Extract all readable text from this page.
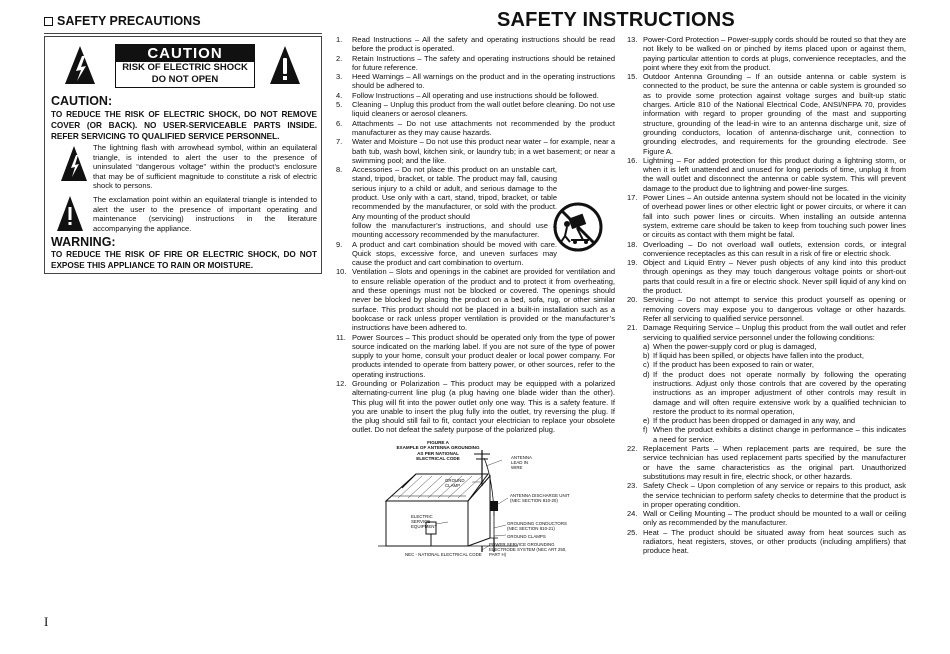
SAFETY PRECAUTIONS
CAUTION
RISK OF ELECTRIC SHOCK
DO NOT OPEN
CAUTION:
TO REDUCE THE RISK OF ELECTRIC SHOCK, DO NOT REMOVE COVER (OR BACK). NO USER-SERVICEABLE PARTS INSIDE. REFER SERVICING TO QUALIFIED SERVICE PERSONNEL.
The lightning flash with arrowhead symbol, within an equilateral triangle, is intended to alert the user to the presence of uninsulated “dangerous voltage” within the product’s enclosure that may be of sufficient magnitude to constitute a risk of electric shock to persons.
The exclamation point within an equilateral triangle is intended to alert the user to the presence of important operating and maintenance (servicing) instructions in the literature accompanying the appliance.
WARNING:
TO REDUCE THE RISK OF FIRE OR ELECTRIC SHOCK, DO NOT EXPOSE THIS APPLIANCE TO RAIN OR MOISTURE.
I
SAFETY INSTRUCTIONS
1.	Read Instructions – All the safety and operating instructions should be read before the product is operated.
2.	Retain Instructions – The safety and operating instructions should be retained for future reference.
3.	Heed Warnings – All warnings on the product and in the operating instructions should be adhered to.
4.	Follow Instructions – All operating and use instructions should be followed.
5.	Cleaning – Unplug this product from the wall outlet before cleaning. Do not use liquid cleaners or aerosol cleaners.
6.	Attachments – Do not use attachments not recommended by the product manufacturer as they may cause hazards.
7.	Water and Moisture – Do not use this product near water – for example, near a bath tub, wash bowl, kitchen sink, or laundry tub; in a wet basement; or near a swimming pool; and the like.
8.	Accessories – Do not place this product on an unstable cart, stand, tripod, bracket, or table. The product may fall, causing serious injury to a child or adult, and serious damage to the product. Use only with a cart, stand, tripod, bracket, or table recommended by the manufacturer, or sold with the product. Any mounting of the product should
follow the manufacturer’s instructions, and should use a mounting accessory recommended by the manufacturer.
9.	A product and cart combination should be moved with care. Quick stops, excessive force, and uneven surfaces may cause the product and cart combination to overturn.
10. Ventilation – Slots and openings in the cabinet are provided for ventilation and to ensure reliable operation of the product and to protect it from overheating, and these openings must not be blocked or covered. The openings should never be blocked by placing the product on a bed, sofa, rug, or other similar surface. This product should not be placed in a built-in installation such as a bookcase or rack unless proper ventilation is provided or the manufacturer’s instructions have been adhered to.
11. Power Sources – This product should be operated only from the type of power source indicated on the marking label. If you are not sure of the type of power supply to your home, consult your product dealer or local power company. For products intended to operate from battery power, or other sources, refer to the operating instructions.
12. Grounding or Polarization – This product may be equipped with a polarized alternating-current line plug (a plug having one blade wider than the other). This plug will fit into the power outlet only one way. This is a safety feature. If you are unable to insert the plug fully into the outlet, try reversing the plug. If the plug should still fail to fit, contact your electrician to replace your obsolete outlet. Do not defeat the safety purpose of the polarized plug.
FIGURE A
EXAMPLE OF ANTENNA GROUNDING
AS PER NATIONAL
ELECTRICAL CODE	ANTENNA LEAD IN WIRE
GROUND CLAMP
ANTENNA DISCHARGE UNIT (NEC SECTION 810-20)
ELECTRIC SERVICE EQUIPMENT
GROUNDING CONDUCTORS (NEC SECTION 810-21)
GROUND CLAMPS
POWER SERVICE GROUNDING ELECTRODE SYSTEM (NEC ART 250, PART H)
NEC - NATIONAL ELECTRICAL CODE
13. Power-Cord Protection – Power-supply cords should be routed so that they are not likely to be walked on or pinched by items placed upon or against them, paying particular attention to cords at plugs, convenience receptacles, and the point where they exit from the product.
15. Outdoor Antenna Grounding – If an outside antenna or cable system is connected to the product, be sure the antenna or cable system is grounded so as to provide some protection against voltage surges and built-up static charges. Article 810 of the National Electrical Code, ANSI/NFPA 70, provides information with regard to proper grounding of the mast and supporting structure, grounding of the lead-in wire to an antenna discharge unit, size of grounding conductors, location of antenna-discharge unit, connection to grounding electrodes, and requirements for the grounding electrode. See Figure A.
16. Lightning – For added protection for this product during a lightning storm, or when it is left unattended and unused for long periods of time, unplug it from the wall outlet and disconnect the antenna or cable system. This will prevent damage to the product due to lightning and power-line surges.
17. Power Lines – An outside antenna system should not be located in the vicinity of overhead power lines or other electric light or power circuits, or where it can fall into such power lines or circuits. When installing an outside antenna system, extreme care should be taken to keep from touching such power lines or circuits as contact with them might be fatal.
18. Overloading – Do not overload wall outlets, extension cords, or integral convenience receptacles as this can result in a risk of fire or electric shock.
19. Object and Liquid Entry – Never push objects of any kind into this product through openings as they may touch dangerous voltage points or short-out parts that could result in a fire or electric shock. Never spill liquid of any kind on the product.
20. Servicing – Do not attempt to service this product yourself as opening or removing covers may expose you to dangerous voltage or other hazards. Refer all servicing to qualified service personnel.
21. Damage Requiring Service – Unplug this product from the wall outlet and refer servicing to qualified service personnel under the following conditions:
a) When the power-supply cord or plug is damaged,
b) If liquid has been spilled, or objects have fallen into the product,
c) If the product has been exposed to rain or water,
d) If the product does not operate normally by following the operating instructions. Adjust only those controls that are covered by the operating instructions as an improper adjustment of other controls may result in damage and will often require extensive work by a qualified technician to restore the product to its normal operation,
e) If the product has been dropped or damaged in any way, and
f) When the product exhibits a distinct change in performance – this indicates a need for service.
22. Replacement Parts – When replacement parts are required, be sure the service technician has used replacement parts specified by the manufacturer or have the same characteristics as the original part. Unauthorized substitutions may result in fire, electric shock, or other hazards.
23. Safety Check – Upon completion of any service or repairs to this product, ask the service technician to perform safety checks to determine that the product is in proper operating condition.
24. Wall or Ceiling Mounting – The product should be mounted to a wall or ceiling only as recommended by the manufacturer.
25. Heat – The product should be situated away from heat sources such as radiators, heat registers, stoves, or other products (including amplifiers) that produce heat.
